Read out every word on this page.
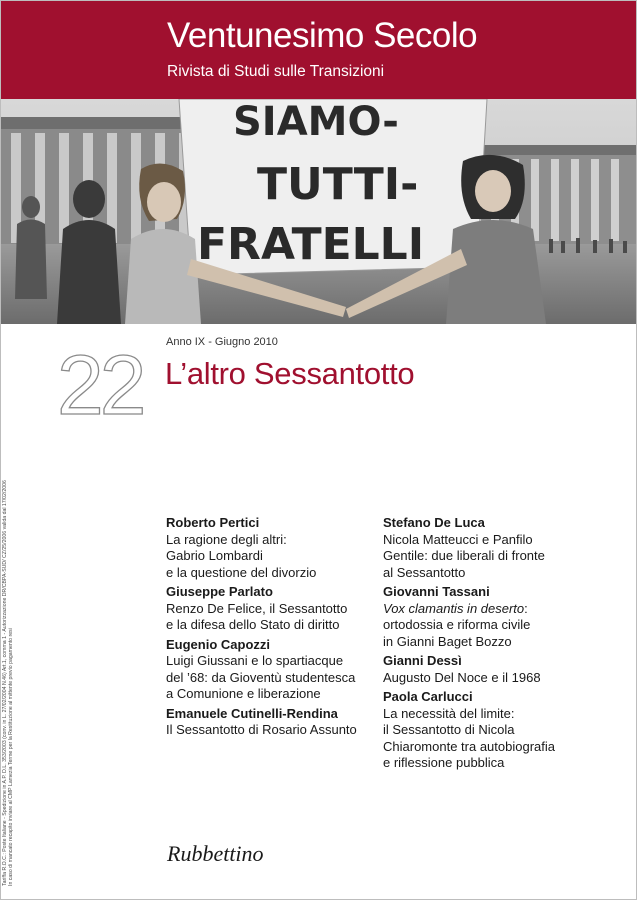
Ventunesimo Secolo
Rivista di Studi sulle Transizioni
SIAMO-
TUTTI-
FRATELLI
Tariffa R.O.C.: Poste Italiane - Spedizione in A.P. D.L. 353/2003 (conv. in L. 27/02/2004 N.46) Art.1, comma 1 - Autorizzazione DR/CBPA-SUD/ CZ/25/2006 valida dal 17/02/2006 In caso di mancato recapito inviare al CMP Lamezia Terme per la Restituzione al mittente previo pagamento resi
22 Anno IX - Giugno 2010
L’altro Sessantotto
Roberto Pertici
La ragione degli altri:
Gabrio Lombardi
e la questione del divorzio
Giuseppe Parlato
Renzo De Felice, il Sessantotto
e la difesa dello Stato di diritto
Eugenio Capozzi
Luigi Giussani e lo spartiacque
del ’68: da Gioventù studentesca
a Comunione e liberazione
Emanuele Cutinelli-Rendina
Il Sessantotto di Rosario Assunto
Stefano De Luca
Nicola Matteucci e Panfilo
Gentile: due liberali di fronte
al Sessantotto
Giovanni Tassani
Vox clamantis in deserto:
ortodossia e riforma civile
in Gianni Baget Bozzo
Gianni Dessì
Augusto Del Noce e il 1968
Paola Carlucci
La necessità del limite:
il Sessantotto di Nicola
Chiaromonte tra autobiografia
e riflessione pubblica
Rubbettino
